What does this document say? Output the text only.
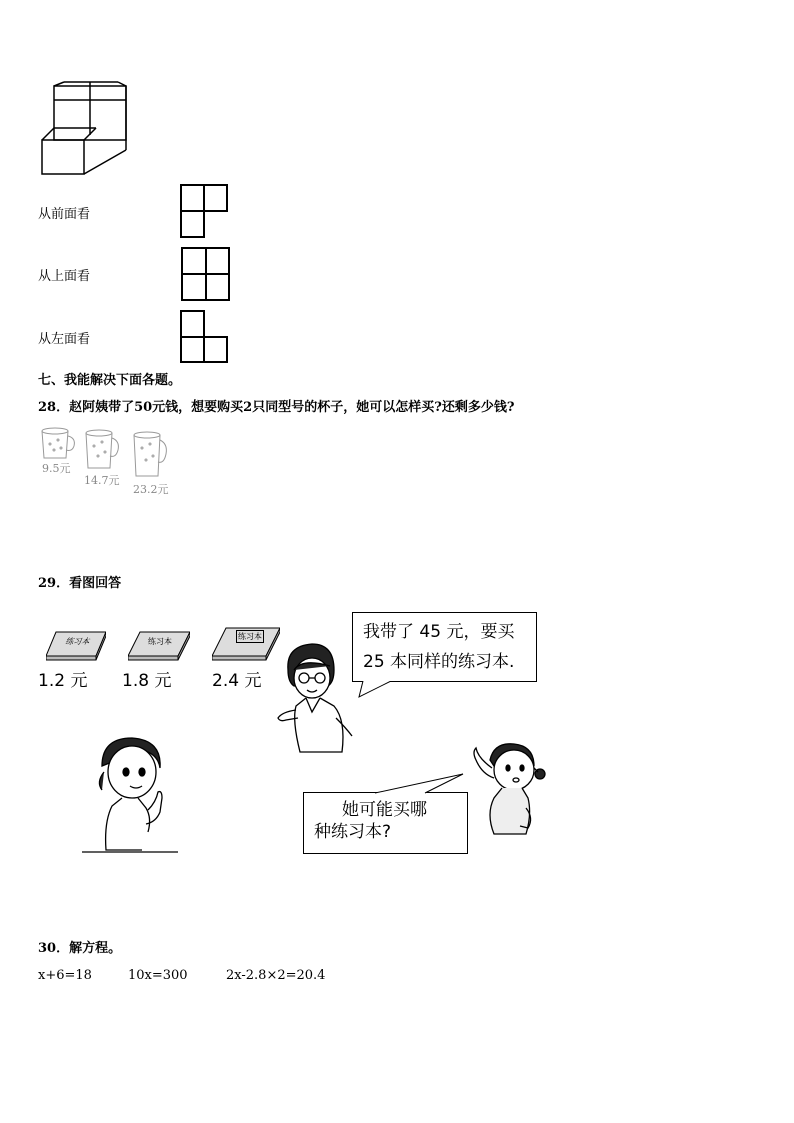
从前面看
从上面看
从左面看
七、我能解决下面各题。
28．赵阿姨带了50元钱，想要购买2只同型号的杯子，她可以怎样买?还剩多少钱?
9.5元
14.7元
23.2元
29．看图回答
练习本
1.2 元
练习本
1.8 元
练习本
2.4 元
我带了 45 元，要买
25 本同样的练习本.
她可能买哪
种练习本?
30．解方程。
x+6=18	10x=300	2x-2.8×2=20.4
